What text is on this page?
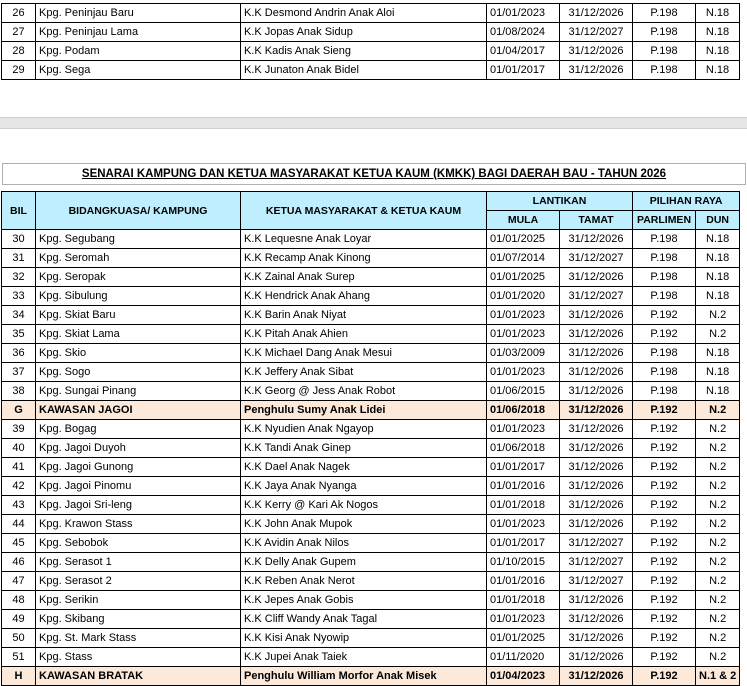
26	Kpg. Peninjau Baru	K.K Desmond Andrin Anak Aloi	01/01/2023	31/12/2026	P.198	N.18
27	Kpg. Peninjau Lama	K.K Jopas Anak Sidup	01/08/2024	31/12/2027	P.198	N.18
28	Kpg. Podam	K.K Kadis Anak Sieng	01/04/2017	31/12/2026	P.198	N.18
29	Kpg. Sega	K.K Junaton Anak Bidel	01/01/2017	31/12/2026	P.198	N.18
SENARAI KAMPUNG DAN KETUA MASYARAKAT KETUA KAUM (KMKK) BAGI DAERAH BAU - TAHUN 2026
BIL	BIDANGKUASA/ KAMPUNG	KETUA MASYARAKAT & KETUA KAUM	LANTIKAN		PILIHAN RAYA	
			MULA	TAMAT	PARLIMEN	DUN
30	Kpg. Segubang	K.K Lequesne Anak Loyar	01/01/2025	31/12/2026	P.198	N.18
31	Kpg. Seromah	K.K Recamp Anak Kinong	01/07/2014	31/12/2027	P.198	N.18
32	Kpg. Seropak	K.K Zainal Anak Surep	01/01/2025	31/12/2026	P.198	N.18
33	Kpg. Sibulung	K.K Hendrick Anak Ahang	01/01/2020	31/12/2027	P.198	N.18
34	Kpg. Skiat Baru	K.K Barin Anak Niyat	01/01/2023	31/12/2026	P.192	N.2
35	Kpg. Skiat Lama	K.K Pitah Anak Ahien	01/01/2023	31/12/2026	P.192	N.2
36	Kpg. Skio	K.K Michael Dang Anak Mesui	01/03/2009	31/12/2026	P.198	N.18
37	Kpg. Sogo	K.K Jeffery Anak Sibat	01/01/2023	31/12/2026	P.198	N.18
38	Kpg. Sungai Pinang	K.K Georg @ Jess Anak Robot	01/06/2015	31/12/2026	P.198	N.18
G	KAWASAN JAGOI	Penghulu Sumy Anak Lidei	01/06/2018	31/12/2026	P.192	N.2
39	Kpg. Bogag	K.K Nyudien Anak Ngayop	01/01/2023	31/12/2026	P.192	N.2
40	Kpg. Jagoi Duyoh	K.K Tandi Anak Ginep	01/06/2018	31/12/2026	P.192	N.2
41	Kpg. Jagoi Gunong	K.K Dael Anak Nagek	01/01/2017	31/12/2026	P.192	N.2
42	Kpg. Jagoi Pinomu	K.K Jaya Anak Nyanga	01/01/2016	31/12/2026	P.192	N.2
43	Kpg. Jagoi Sri-leng	K.K Kerry @ Kari Ak Nogos	01/01/2018	31/12/2026	P.192	N.2
44	Kpg. Krawon Stass	K.K John Anak Mupok	01/01/2023	31/12/2026	P.192	N.2
45	Kpg. Sebobok	K.K Avidin Anak Nilos	01/01/2017	31/12/2027	P.192	N.2
46	Kpg. Serasot 1	K.K Delly Anak Gupem	01/10/2015	31/12/2027	P.192	N.2
47	Kpg. Serasot 2	K.K Reben Anak Nerot	01/01/2016	31/12/2027	P.192	N.2
48	Kpg. Serikin	K.K Jepes Anak Gobis	01/01/2018	31/12/2026	P.192	N.2
49	Kpg. Skibang	K.K Cliff Wandy Anak Tagal	01/01/2023	31/12/2026	P.192	N.2
50	Kpg. St. Mark Stass	K.K Kisi Anak Nyowip	01/01/2025	31/12/2026	P.192	N.2
51	Kpg. Stass	K.K Jupei Anak Taiek	01/11/2020	31/12/2026	P.192	N.2
H	KAWASAN BRATAK	Penghulu William Morfor Anak Misek	01/04/2023	31/12/2026	P.192	N.1 & 2
